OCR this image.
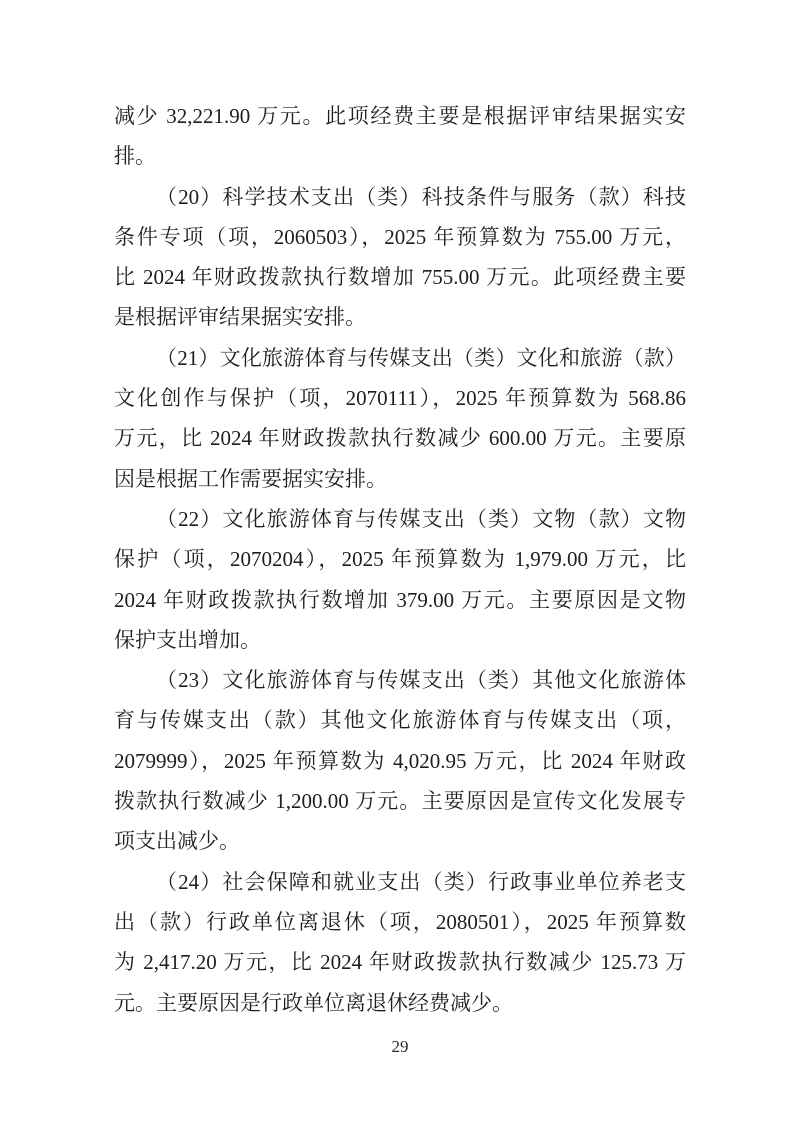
减少 32,221.90 万元。此项经费主要是根据评审结果据实安
排。
（20）科学技术支出（类）科技条件与服务（款）科技
条件专项（项，2060503），2025 年预算数为 755.00 万元，
比 2024 年财政拨款执行数增加 755.00 万元。此项经费主要
是根据评审结果据实安排。
（21）文化旅游体育与传媒支出（类）文化和旅游（款）
文化创作与保护（项，2070111），2025 年预算数为 568.86
万元，比 2024 年财政拨款执行数减少 600.00 万元。主要原
因是根据工作需要据实安排。
（22）文化旅游体育与传媒支出（类）文物（款）文物
保护（项，2070204），2025 年预算数为 1,979.00 万元，比
2024 年财政拨款执行数增加 379.00 万元。主要原因是文物
保护支出增加。
（23）文化旅游体育与传媒支出（类）其他文化旅游体
育与传媒支出（款）其他文化旅游体育与传媒支出（项，
2079999），2025 年预算数为 4,020.95 万元，比 2024 年财政
拨款执行数减少 1,200.00 万元。主要原因是宣传文化发展专
项支出减少。
（24）社会保障和就业支出（类）行政事业单位养老支
出（款）行政单位离退休（项，2080501），2025 年预算数
为 2,417.20 万元，比 2024 年财政拨款执行数减少 125.73 万
元。主要原因是行政单位离退休经费减少。
29
